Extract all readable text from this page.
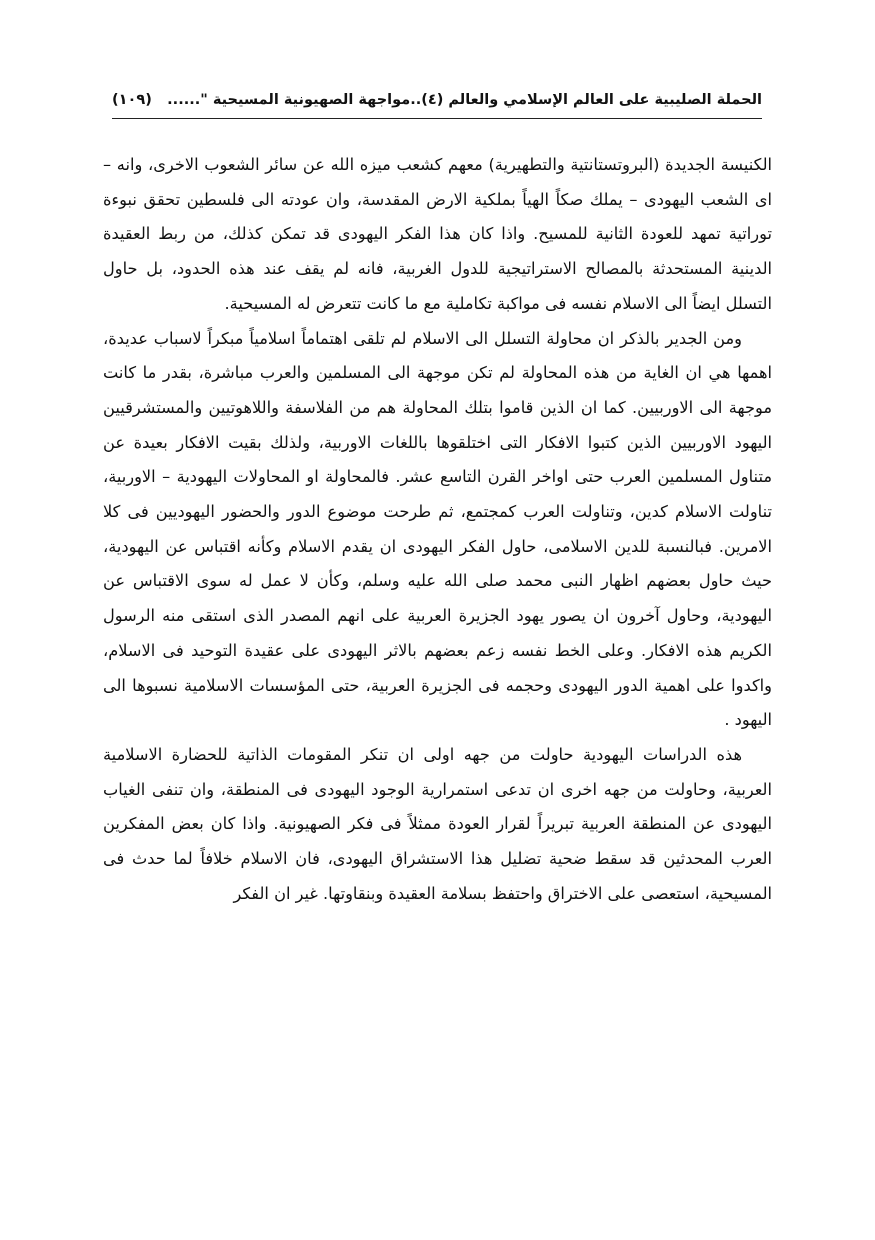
الحملة الصليبية على العالم الإسلامي والعالم (٤)..مواجهة الصهيونية المسيحية "......
(١٠٩)

الكنيسة الجديدة (البروتستانتية والتطهيرية) معهم كشعب ميزه الله عن سائر الشعوب الاخرى، وانه – اى الشعب اليهودى – يملك صكاً الهياً بملكية الارض المقدسة، وان عودته الى فلسطين تحقق نبوءة توراتية تمهد للعودة الثانية للمسيح. واذا كان هذا الفكر اليهودى قد تمكن كذلك، من ربط العقيدة الدينية المستحدثة بالمصالح الاستراتيجية للدول الغربية، فانه لم يقف عند هذه الحدود، بل حاول التسلل ايضاً الى الاسلام نفسه فى مواكبة تكاملية مع ما كانت تتعرض له المسيحية.

ومن الجدير بالذكر ان محاولة التسلل الى الاسلام لم تلقى اهتماماً اسلامياً مبكراً لاسباب عديدة، اهمها هي ان الغاية من هذه المحاولة لم تكن موجهة الى المسلمين والعرب مباشرة، بقدر ما كانت موجهة الى الاوربيين. كما ان الذين قاموا بتلك المحاولة هم من الفلاسفة واللاهوتيين والمستشرقيين اليهود الاوربيين الذين كتبوا الافكار التى اختلقوها باللغات الاوربية، ولذلك بقيت الافكار بعيدة عن متناول المسلمين العرب حتى اواخر القرن التاسع عشر. فالمحاولة او المحاولات اليهودية – الاوربية، تناولت الاسلام كدين، وتناولت العرب كمجتمع، ثم طرحت موضوع الدور والحضور اليهوديين فى كلا الامرين. فبالنسبة للدين الاسلامى، حاول الفكر اليهودى ان يقدم الاسلام وكأنه اقتباس عن اليهودية، حيث حاول بعضهم اظهار النبى محمد صلى الله عليه وسلم، وكأن لا عمل له سوى الاقتباس عن اليهودية، وحاول آخرون ان يصور يهود الجزيرة العربية على انهم المصدر الذى استقى منه الرسول الكريم هذه الافكار. وعلى الخط نفسه زعم بعضهم بالاثر اليهودى على عقيدة التوحيد فى الاسلام، واكدوا على اهمية الدور اليهودى وحجمه فى الجزيرة العربية، حتى المؤسسات الاسلامية نسبوها الى اليهود .

هذه الدراسات اليهودية حاولت من جهه اولى ان تنكر المقومات الذاتية للحضارة الاسلامية العربية، وحاولت من جهه اخرى ان تدعى استمرارية الوجود اليهودى فى المنطقة، وان تنفى الغياب اليهودى عن المنطقة العربية تبريراً لقرار العودة ممثلاً فى فكر الصهيونية. واذا كان بعض المفكرين العرب المحدثين قد سقط ضحية تضليل هذا الاستشراق اليهودى، فان الاسلام خلافاً لما حدث فى المسيحية، استعصى على الاختراق واحتفظ بسلامة العقيدة وبنقاوتها. غير ان الفكر
